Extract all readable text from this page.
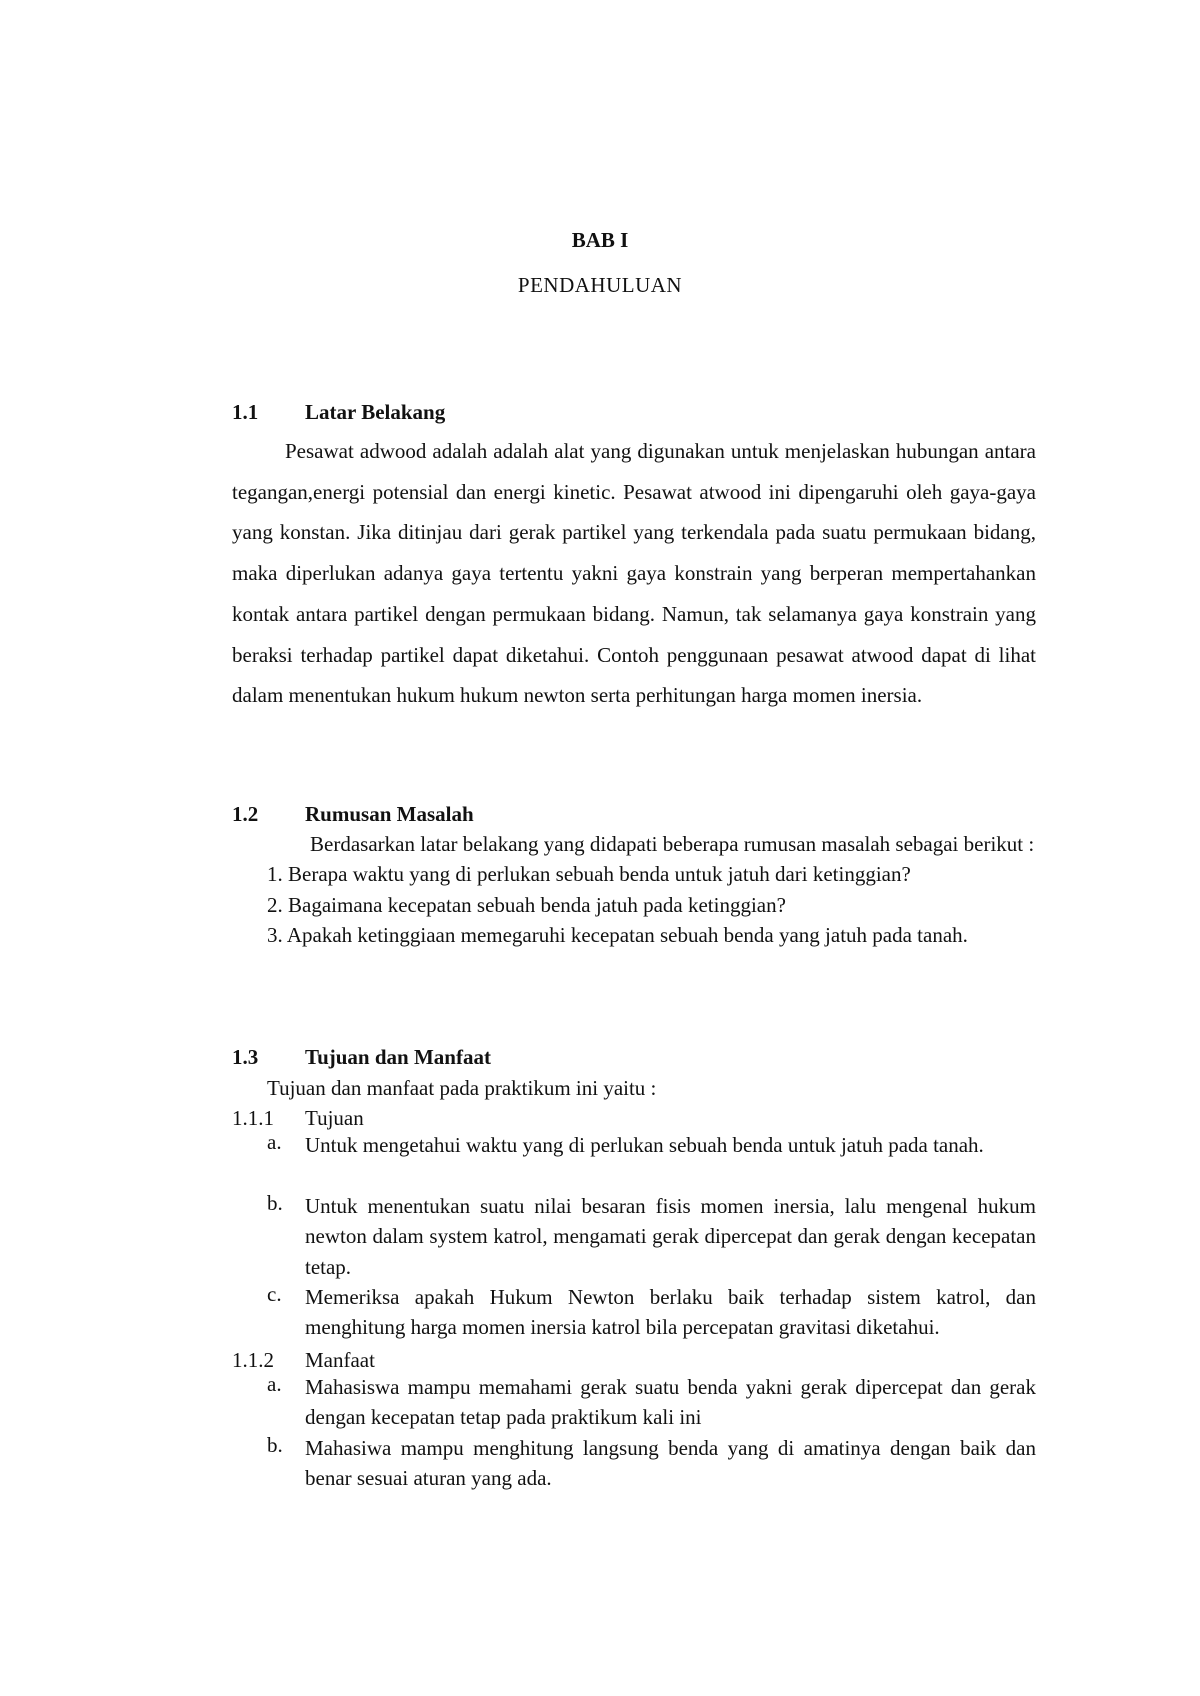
BAB I
PENDAHULUAN
1.1 Latar Belakang
Pesawat adwood adalah adalah alat yang digunakan untuk menjelaskan hubungan antara tegangan,energi potensial dan energi kinetic. Pesawat atwood ini dipengaruhi oleh gaya-gaya yang konstan. Jika ditinjau dari gerak partikel yang terkendala pada suatu permukaan bidang, maka diperlukan adanya gaya tertentu yakni gaya konstrain yang berperan mempertahankan kontak antara partikel dengan permukaan bidang. Namun, tak selamanya gaya konstrain yang beraksi terhadap partikel dapat diketahui. Contoh penggunaan pesawat atwood dapat di lihat dalam menentukan hukum hukum newton serta perhitungan harga momen inersia.
1.2 Rumusan Masalah

Berdasarkan latar belakang yang didapati beberapa rumusan masalah sebagai berikut :

1. Berapa waktu yang di perlukan sebuah benda untuk jatuh dari ketinggian?

2. Bagaimana kecepatan sebuah benda jatuh pada ketinggian?

3. Apakah ketinggiaan memegaruhi kecepatan sebuah benda yang jatuh pada tanah.

1.3 Tujuan dan Manfaat
Tujuan dan manfaat pada praktikum ini yaitu :
1.1.1 Tujuan
a.	Untuk mengetahui waktu yang di perlukan sebuah benda untuk jatuh pada tanah.
b.	Untuk menentukan suatu nilai besaran fisis momen inersia, lalu mengenal hukum newton dalam system katrol, mengamati gerak dipercepat dan gerak dengan kecepatan tetap.
c.	Memeriksa apakah Hukum Newton berlaku baik terhadap sistem katrol, dan menghitung harga momen inersia katrol bila percepatan gravitasi diketahui.
1.1.2 Manfaat
a.	Mahasiswa mampu memahami gerak suatu benda yakni gerak dipercepat dan gerak dengan kecepatan tetap pada praktikum kali ini
b.	Mahasiwa mampu menghitung langsung benda yang di amatinya dengan baik dan benar sesuai aturan yang ada.
